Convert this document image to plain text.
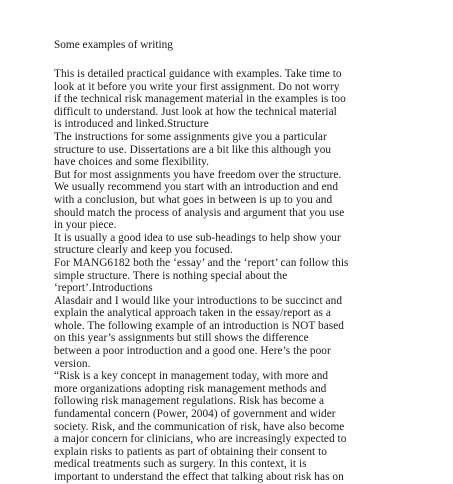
Some examples of writing
This is detailed practical guidance with examples. Take time to
look at it before you write your first assignment. Do not worry
if the technical risk management material in the examples is too
difficult to understand. Just look at how the technical material
is introduced and linked.Structure
The instructions for some assignments give you a particular
structure to use. Dissertations are a bit like this although you
have choices and some flexibility.
But for most assignments you have freedom over the structure.
We usually recommend you start with an introduction and end
with a conclusion, but what goes in between is up to you and
should match the process of analysis and argument that you use
in your piece.
It is usually a good idea to use sub-headings to help show your
structure clearly and keep you focused.
For MANG6182 both the ‘essay’ and the ‘report’ can follow this
simple structure. There is nothing special about the
‘report’.Introductions
Alasdair and I would like your introductions to be succinct and
explain the analytical approach taken in the essay/report as a
whole. The following example of an introduction is NOT based
on this year’s assignments but still shows the difference
between a poor introduction and a good one. Here’s the poor
version.
“Risk is a key concept in management today, with more and
more organizations adopting risk management methods and
following risk management regulations. Risk has become a
fundamental concern (Power, 2004) of government and wider
society. Risk, and the communication of risk, have also become
a major concern for clinicians, who are increasingly expected to
explain risks to patients as part of obtaining their consent to
medical treatments such as surgery. In this context, it is
important to understand the effect that talking about risk has on
